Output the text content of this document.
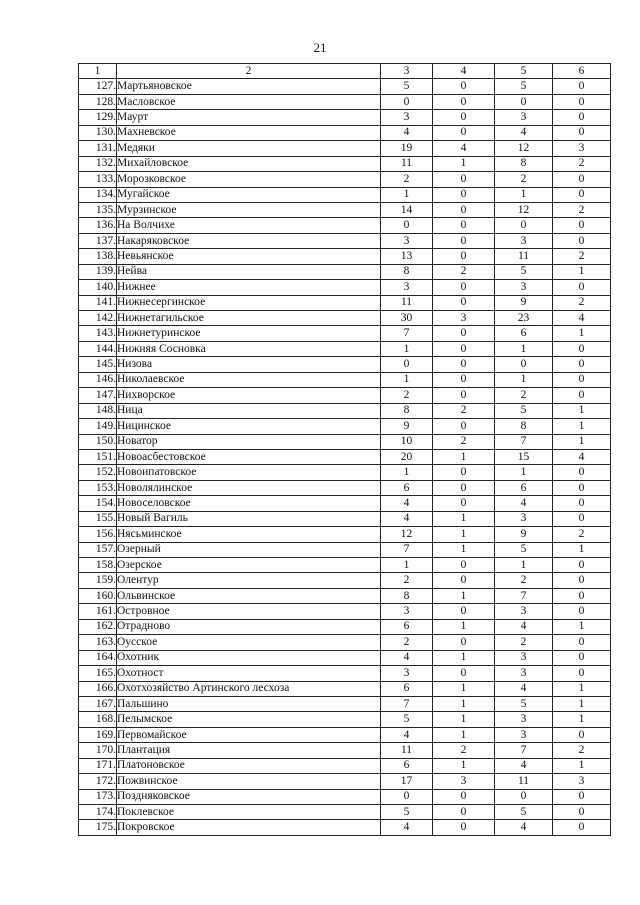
21
1	2	3	4	5	6
127.	Мартьяновское	5	0	5	0
128.	Масловское	0	0	0	0
129.	Маурт	3	0	3	0
130.	Махневское	4	0	4	0
131.	Медяки	19	4	12	3
132.	Михайловское	11	1	8	2
133.	Морозковское	2	0	2	0
134.	Мугайское	1	0	1	0
135.	Мурзинское	14	0	12	2
136.	На Волчихе	0	0	0	0
137.	Накаряковское	3	0	3	0
138.	Невьянское	13	0	11	2
139.	Нейва	8	2	5	1
140.	Нижнее	3	0	3	0
141.	Нижнесергинское	11	0	9	2
142.	Нижнетагильское	30	3	23	4
143.	Нижнетуринское	7	0	6	1
144.	Нижняя Сосновка	1	0	1	0
145.	Низова	0	0	0	0
146.	Николаевское	1	0	1	0
147.	Нихворское	2	0	2	0
148.	Ница	8	2	5	1
149.	Ницинское	9	0	8	1
150.	Новатор	10	2	7	1
151.	Новоасбестовское	20	1	15	4
152.	Новоипатовское	1	0	1	0
153.	Новолялинское	6	0	6	0
154.	Новоселовское	4	0	4	0
155.	Новый Вагиль	4	1	3	0
156.	Нясьминское	12	1	9	2
157.	Озерный	7	1	5	1
158.	Озерское	1	0	1	0
159.	Олентур	2	0	2	0
160.	Ольвинское	8	1	7	0
161.	Островное	3	0	3	0
162.	Отрадново	6	1	4	1
163.	Оусское	2	0	2	0
164.	Охотник	4	1	3	0
165.	Охотност	3	0	3	0
166.	Охотхозяйство Артинского лесхоза	6	1	4	1
167.	Пальшино	7	1	5	1
168.	Пелымское	5	1	3	1
169.	Первомайское	4	1	3	0
170.	Плантация	11	2	7	2
171.	Платоновское	6	1	4	1
172.	Пожвинское	17	3	11	3
173.	Поздняковское	0	0	0	0
174.	Поклевское	5	0	5	0
175.	Покровское	4	0	4	0
